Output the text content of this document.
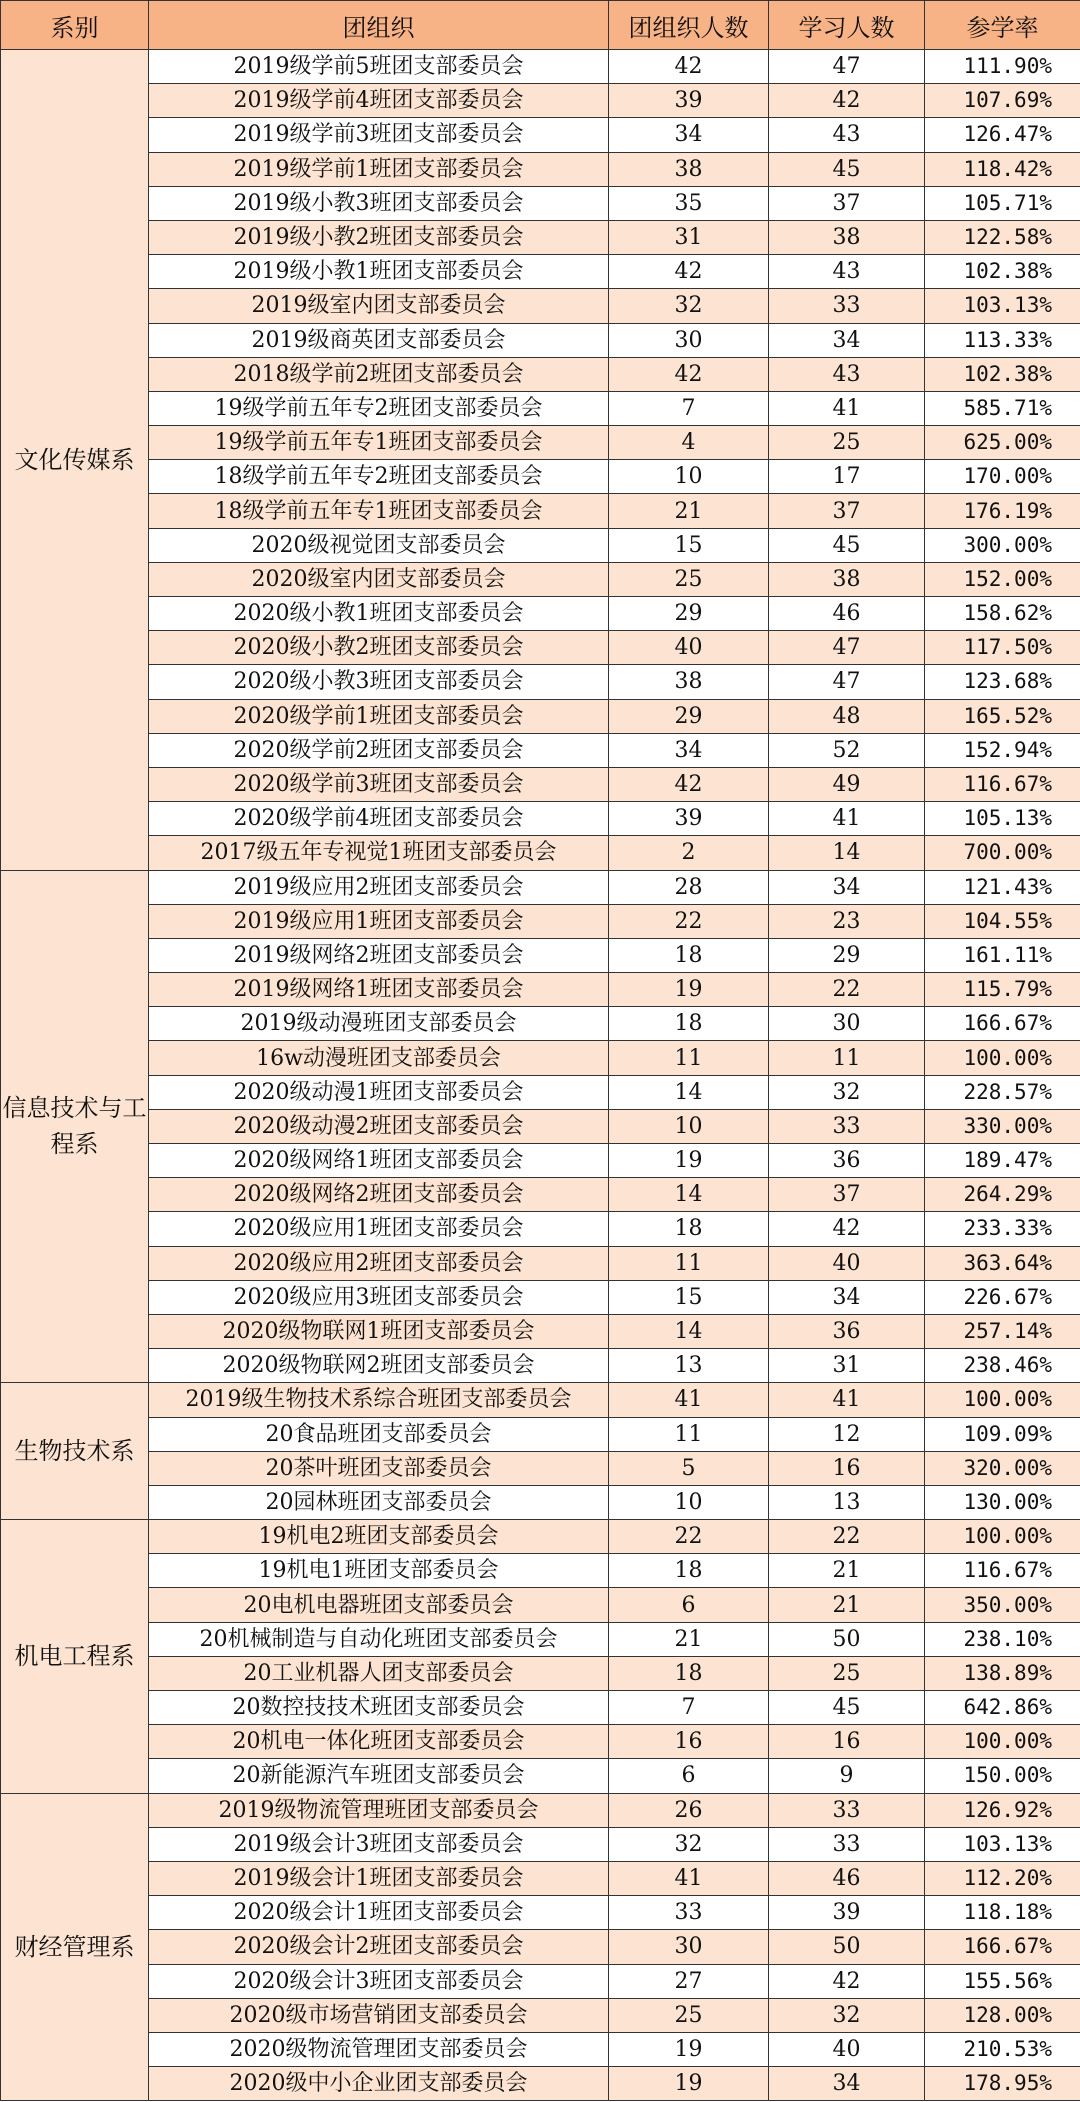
系别	团组织	团组织人数	学习人数	参学率
文化传媒系	2019级学前5班团支部委员会	42	47	111.90%
	2019级学前4班团支部委员会	39	42	107.69%
	2019级学前3班团支部委员会	34	43	126.47%
	2019级学前1班团支部委员会	38	45	118.42%
	2019级小教3班团支部委员会	35	37	105.71%
	2019级小教2班团支部委员会	31	38	122.58%
	2019级小教1班团支部委员会	42	43	102.38%
	2019级室内团支部委员会	32	33	103.13%
	2019级商英团支部委员会	30	34	113.33%
	2018级学前2班团支部委员会	42	43	102.38%
	19级学前五年专2班团支部委员会	7	41	585.71%
	19级学前五年专1班团支部委员会	4	25	625.00%
	18级学前五年专2班团支部委员会	10	17	170.00%
	18级学前五年专1班团支部委员会	21	37	176.19%
	2020级视觉团支部委员会	15	45	300.00%
	2020级室内团支部委员会	25	38	152.00%
	2020级小教1班团支部委员会	29	46	158.62%
	2020级小教2班团支部委员会	40	47	117.50%
	2020级小教3班团支部委员会	38	47	123.68%
	2020级学前1班团支部委员会	29	48	165.52%
	2020级学前2班团支部委员会	34	52	152.94%
	2020级学前3班团支部委员会	42	49	116.67%
	2020级学前4班团支部委员会	39	41	105.13%
	2017级五年专视觉1班团支部委员会	2	14	700.00%
信息技术与工程系	2019级应用2班团支部委员会	28	34	121.43%
	2019级应用1班团支部委员会	22	23	104.55%
	2019级网络2班团支部委员会	18	29	161.11%
	2019级网络1班团支部委员会	19	22	115.79%
	2019级动漫班团支部委员会	18	30	166.67%
	16w动漫班团支部委员会	11	11	100.00%
	2020级动漫1班团支部委员会	14	32	228.57%
	2020级动漫2班团支部委员会	10	33	330.00%
	2020级网络1班团支部委员会	19	36	189.47%
	2020级网络2班团支部委员会	14	37	264.29%
	2020级应用1班团支部委员会	18	42	233.33%
	2020级应用2班团支部委员会	11	40	363.64%
	2020级应用3班团支部委员会	15	34	226.67%
	2020级物联网1班团支部委员会	14	36	257.14%
	2020级物联网2班团支部委员会	13	31	238.46%
生物技术系	2019级生物技术系综合班团支部委员会	41	41	100.00%
	20食品班团支部委员会	11	12	109.09%
	20茶叶班团支部委员会	5	16	320.00%
	20园林班团支部委员会	10	13	130.00%
机电工程系	19机电2班团支部委员会	22	22	100.00%
	19机电1班团支部委员会	18	21	116.67%
	20电机电器班团支部委员会	6	21	350.00%
	20机械制造与自动化班团支部委员会	21	50	238.10%
	20工业机器人团支部委员会	18	25	138.89%
	20数控技技术班团支部委员会	7	45	642.86%
	20机电一体化班团支部委员会	16	16	100.00%
	20新能源汽车班团支部委员会	6	9	150.00%
财经管理系	2019级物流管理班团支部委员会	26	33	126.92%
	2019级会计3班团支部委员会	32	33	103.13%
	2019级会计1班团支部委员会	41	46	112.20%
	2020级会计1班团支部委员会	33	39	118.18%
	2020级会计2班团支部委员会	30	50	166.67%
	2020级会计3班团支部委员会	27	42	155.56%
	2020级市场营销团支部委员会	25	32	128.00%
	2020级物流管理团支部委员会	19	40	210.53%
	2020级中小企业团支部委员会	19	34	178.95%
